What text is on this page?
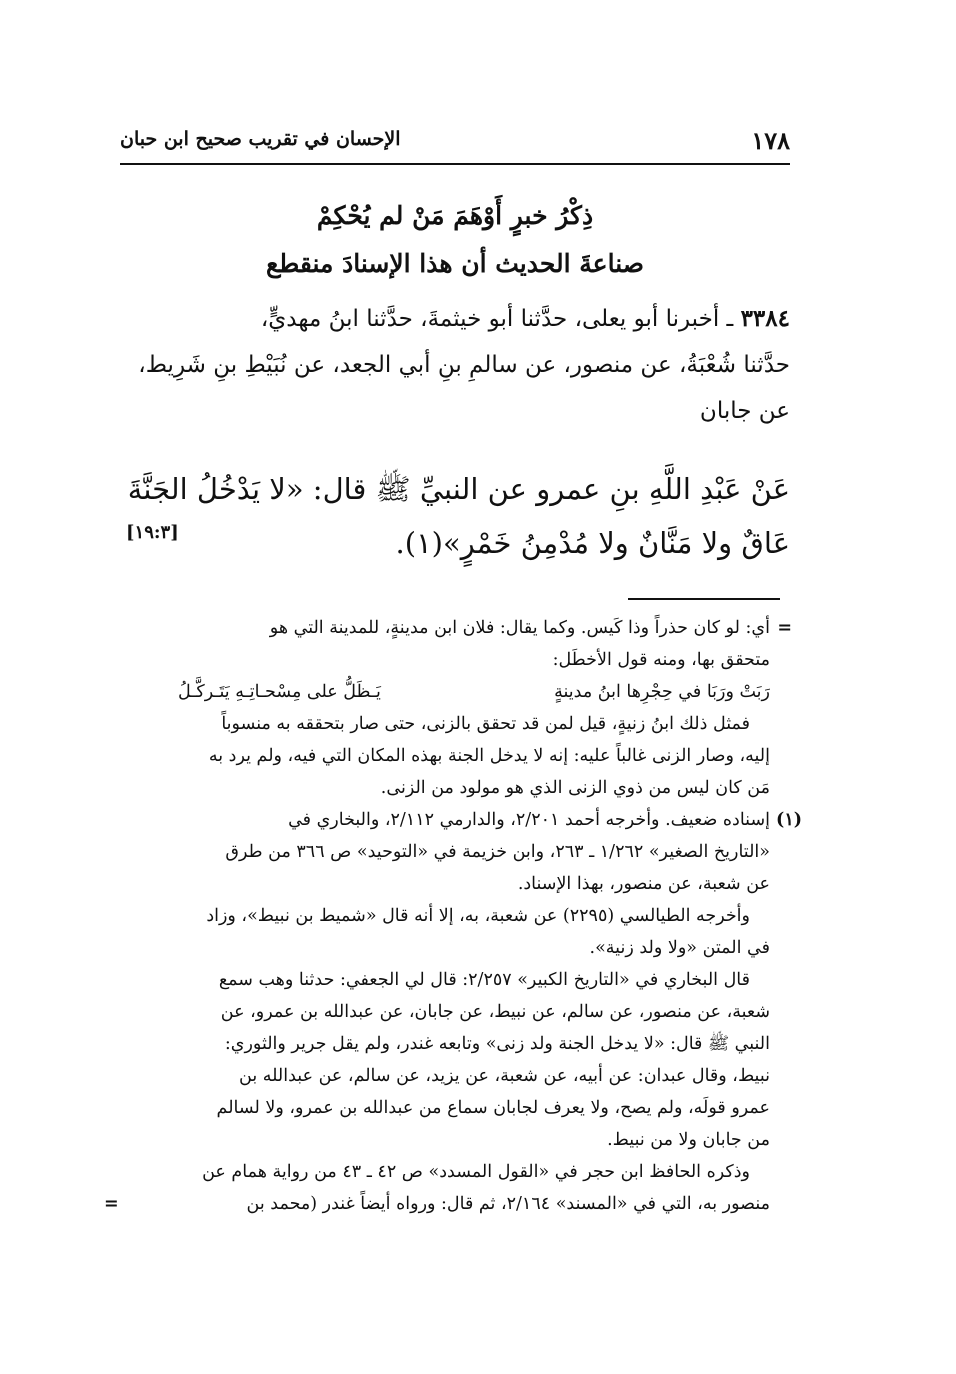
١٧٨
الإحسان في تقريب صحيح ابن حبان
ذِكْرُ خبرٍ أَوْهَمَ مَنْ لم يُحْكِمْ
صناعةَ الحديث أن هذا الإسنادَ منقطع
٣٣٨٤ ـ أخبرنا أبو يعلى، حدَّثنا أبو خيثمةَ، حدَّثنا ابنُ مهديٍّ،
حدَّثنا شُعْبَةُ، عن منصور، عن سالمِ بنِ أبي الجعد، عن نُبَيْطِ بنِ شَرِيط،
عن جابان
عَنْ عَبْدِ اللَّهِ بنِ عمرو عن النبيِّ ﷺ قال: «لا يَدْخُلُ الجَنَّةَ
عَاقٌ ولا مَنَّانٌ ولا مُدْمِنُ خَمْرٍ»(١).
[١٩:٣]
=
أي: لو كان حذراً وذا كَيس. وكما يقال: فلان ابن مدينةٍ، للمدينة التي هو
متحقق بها، ومنه قول الأخطَل:
رَبَتْ ورَبَا في حِجْرِها ابنُ مدينةٍ
يَـظَلُّ على مِسْحـاتِـهِ يَتَـركَّـلُ
فمثل ذلك ابنُ زنيةٍ، قيل لمن قد تحقق بالزنى، حتى صار بتحققه به منسوباً
إليه، وصار الزنى غالباً عليه: إنه لا يدخل الجنة بهذه المكان التي فيه، ولم يرد به
مَن كان ليس من ذوي الزنى الذي هو مولود من الزنى.
(١)
إسناده ضعيف. وأخرجه أحمد ٢/٢٠١، والدارمي ٢/١١٢، والبخاري في
«التاريخ الصغير» ١/٢٦٢ ـ ٢٦٣، وابن خزيمة في «التوحيد» ص ٣٦٦ من طرق
عن شعبة، عن منصور، بهذا الإسناد.
وأخرجه الطيالسي (٢٢٩٥) عن شعبة، به، إلا أنه قال «شميط بن نبيط»، وزاد
في المتن «ولا ولد زنية».
قال البخاري في «التاريخ الكبير» ٢/٢٥٧: قال لي الجعفي: حدثنا وهب سمع
شعبة، عن منصور، عن سالم، عن نبيط، عن جابان، عن عبدالله بن عمرو، عن
النبي ﷺ قال: «لا يدخل الجنة ولد زنى» وتابعه غندر، ولم يقل جرير والثوري:
نبيط، وقال عبدان: عن أبيه، عن شعبة، عن يزيد، عن سالم، عن عبدالله بن
عمرو قولَه، ولم يصح، ولا يعرف لجابان سماع من عبدالله بن عمرو، ولا لسالم
من جابان ولا من نبيط.
وذكره الحافظ ابن حجر في «القول المسدد» ص ٤٢ ـ ٤٣ من رواية همام عن
منصور به، التي في «المسند» ٢/١٦٤، ثم قال: ورواه أيضاً غندر (محمد بن
=
